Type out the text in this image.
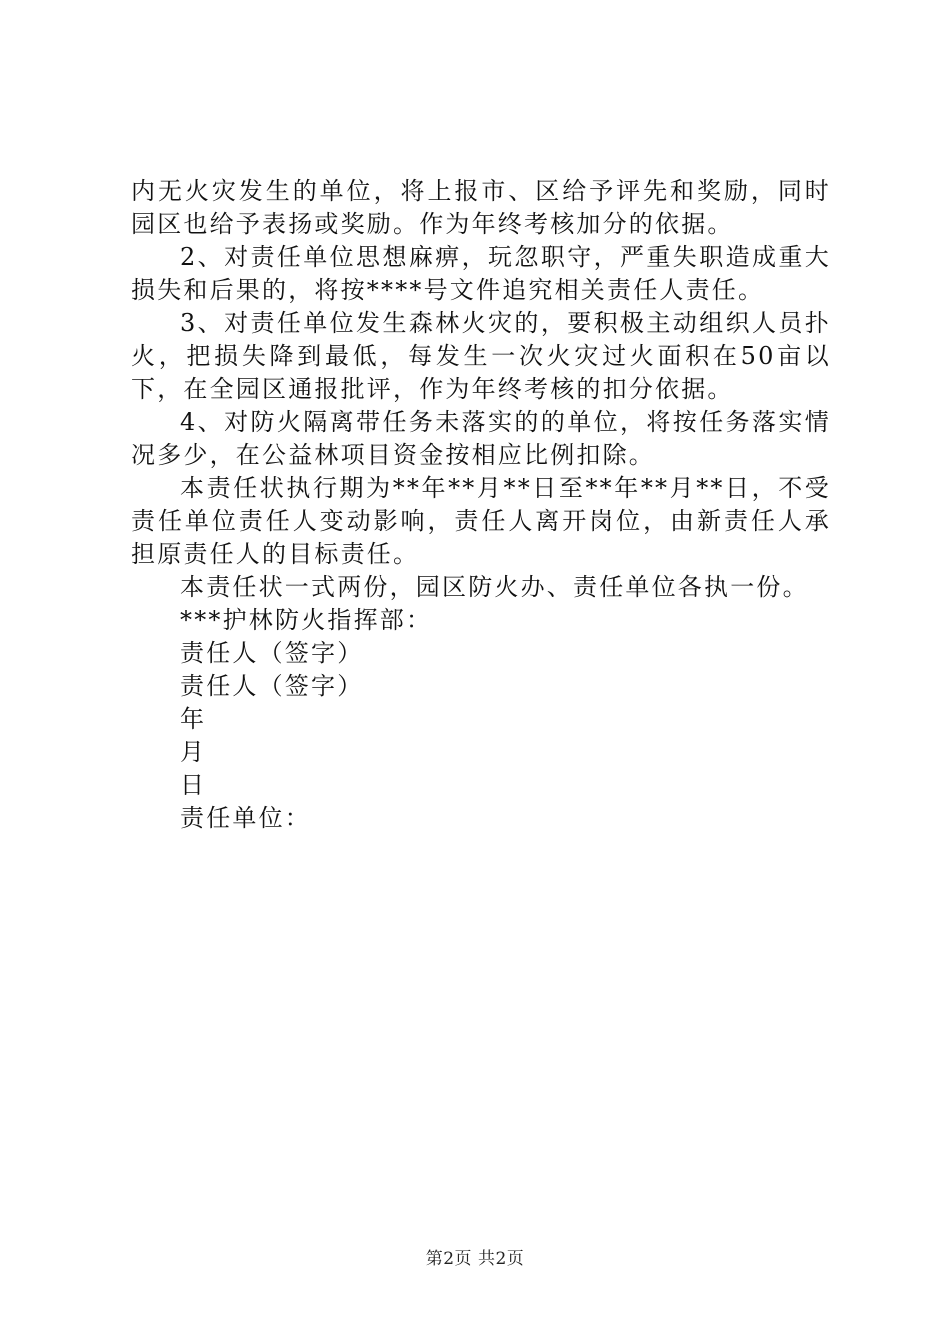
内无火灾发生的单位，将上报市、区给予评先和奖励，同时园区也给予表扬或奖励。作为年终考核加分的依据。

2、对责任单位思想麻痹，玩忽职守，严重失职造成重大损失和后果的，将按****号文件追究相关责任人责任。

3、对责任单位发生森林火灾的，要积极主动组织人员扑火，把损失降到最低，每发生一次火灾过火面积在50亩以下，在全园区通报批评，作为年终考核的扣分依据。

4、对防火隔离带任务未落实的的单位，将按任务落实情况多少，在公益林项目资金按相应比例扣除。

本责任状执行期为**年**月**日至**年**月**日，不受责任单位责任人变动影响，责任人离开岗位，由新责任人承担原责任人的目标责任。

本责任状一式两份，园区防火办、责任单位各执一份。

***护林防火指挥部：

责任人（签字）

责任人（签字）

年

月

日

责任单位：

第2页 共2页
